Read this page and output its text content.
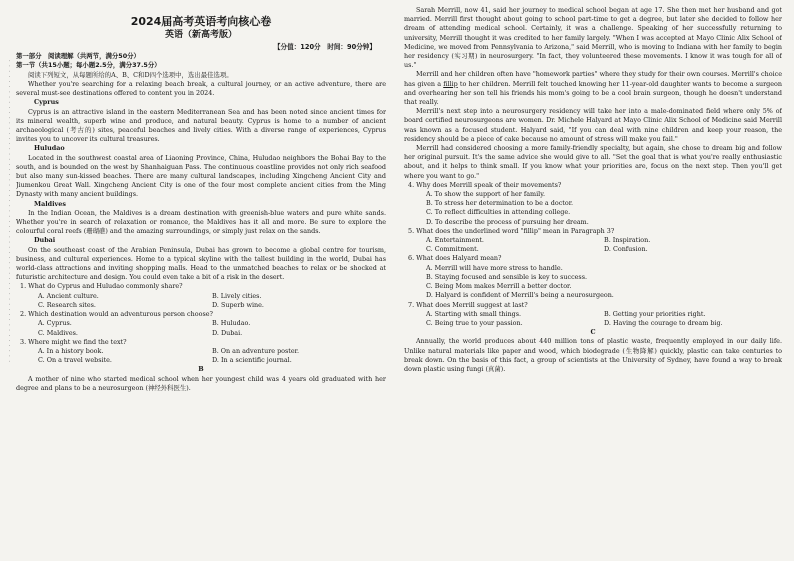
· · · · · · · · · · · · · · · · · · · · · · · · · · · · · · · · · · · · · · · · · · · · · · · · · · · · · · · · · · ·
2024届高考英语考向核心卷
英语（新高考版）
【分值：120分　时间：90分钟】
第一部分　阅读理解（共两节，满分50分）
第一节（共15小题；每小题2.5分，满分37.5分）

阅读下列短文，从每题所给的A、B、C和D四个选项中，选出最佳选项。

Whether you're searching for a relaxing beach break, a cultural journey, or an active adventure, there are several must-see destinations offered to content you in 2024.

Cyprus

Cyprus is an attractive island in the eastern Mediterranean Sea and has been noted since ancient times for its mineral wealth, superb wine and produce, and natural beauty. Cyprus is home to a number of ancient archaeological (考古的) sites, peaceful beaches and lively cities. With a diverse range of experiences, Cyprus invites you to uncover its cultural treasures.

Huludao

Located in the southwest coastal area of Liaoning Province, China, Huludao neighbors the Bohai Bay to the south, and is bounded on the west by Shanhaiguan Pass. The continuous coastline provides not only rich seafood but also many sun-kissed beaches. There are many cultural landscapes, including Xingcheng Ancient City and Jiumenkou Great Wall. Xingcheng Ancient City is one of the four most complete ancient cities from the Ming Dynasty with many ancient buildings.

Maldives

In the Indian Ocean, the Maldives is a dream destination with greenish-blue waters and pure white sands. Whether you're in search of relaxation or romance, the Maldives has it all and more. Be sure to explore the colourful coral reefs (珊瑚礁) and the amazing surroundings, or simply just relax on the sands.

Dubai

On the southeast coast of the Arabian Peninsula, Dubai has grown to become a global centre for tourism, business, and cultural experiences. Home to a typical skyline with the tallest building in the world, Dubai has world-class attractions and inviting shopping malls. Head to the unmatched beaches to relax or be shocked at futuristic architecture and design. You could even take a bit of a risk in the desert.

1. What do Cyprus and Huludao commonly share?
A. Ancient culture.	B. Lively cities.
C. Research sites.	D. Superb wine.
2. Which destination would an adventurous person choose?
A. Cyprus.	B. Huludao.
C. Maldives.	D. Dubai.
3. Where might we find the text?
A. In a history book.	B. On an adventure poster.
C. On a travel website.	D. In a scientific journal.
B

A mother of nine who started medical school when her youngest child was 4 years old graduated with her degree and plans to be a neurosurgeon (神经外科医生).

Sarah Merrill, now 41, said her journey to medical school began at age 17. She then met her husband and got married. Merrill first thought about going to school part-time to get a degree, but later she decided to follow her dream of attending medical school. Certainly, it was a challenge. Speaking of her successfully returning to university, Merrill thought it was credited to her family largely. "When I was accepted at Mayo Clinic Alix School of Medicine, we moved from Pennsylvania to Arizona," said Merrill, who is moving to Indiana with her family to begin her residency (实习期) in neurosurgery. "In fact, they volunteered these movements. I know it was tough for all of us."

Merrill and her children often have "homework parties" where they study for their own courses. Merrill's choice has given a fillip to her children. Merrill felt touched knowing her 11-year-old daughter wants to become a surgeon and overhearing her son tell his friends his mom's going to be a cool brain surgeon, though he doesn't understand that really.

Merrill's next step into a neurosurgery residency will take her into a male-dominated field where only 5% of board certified neurosurgeons are women. Dr. Michele Halyard at Mayo Clinic Alix School of Medicine said Merrill was known as a focused student. Halyard said, "If you can deal with nine children and keep your reason, the residency should be a piece of cake because no amount of stress will make you fail."

Merrill had considered choosing a more family-friendly specialty, but again, she chose to dream big and follow her original pursuit. It's the same advice she would give to all. "Set the goal that is what you're really enthusiastic about, and it helps to think small. If you know what your priorities are, focus on the next step. Then you'll get where you want to go."

4. Why does Merrill speak of their movements?
A. To show the support of her family.
B. To stress her determination to be a doctor.
C. To reflect difficulties in attending college.
D. To describe the process of pursuing her dream.
5. What does the underlined word "fillip" mean in Paragraph 3?
A. Entertainment.	B. Inspiration.
C. Commitment.	D. Confusion.
6. What does Halyard mean?
A. Merrill will have more stress to handle.
B. Staying focused and sensible is key to success.
C. Being Mom makes Merrill a better doctor.
D. Halyard is confident of Merrill's being a neurosurgeon.
7. What does Merrill suggest at last?
A. Starting with small things.	B. Getting your priorities right.
C. Being true to your passion.	D. Having the courage to dream big.
C

Annually, the world produces about 440 million tons of plastic waste, frequently employed in our daily life. Unlike natural materials like paper and wood, which biodegrade (生物降解) quickly, plastic can take centuries to break down. On the basis of this fact, a group of scientists at the University of Sydney, have found a way to break down plastic using fungi (真菌).
